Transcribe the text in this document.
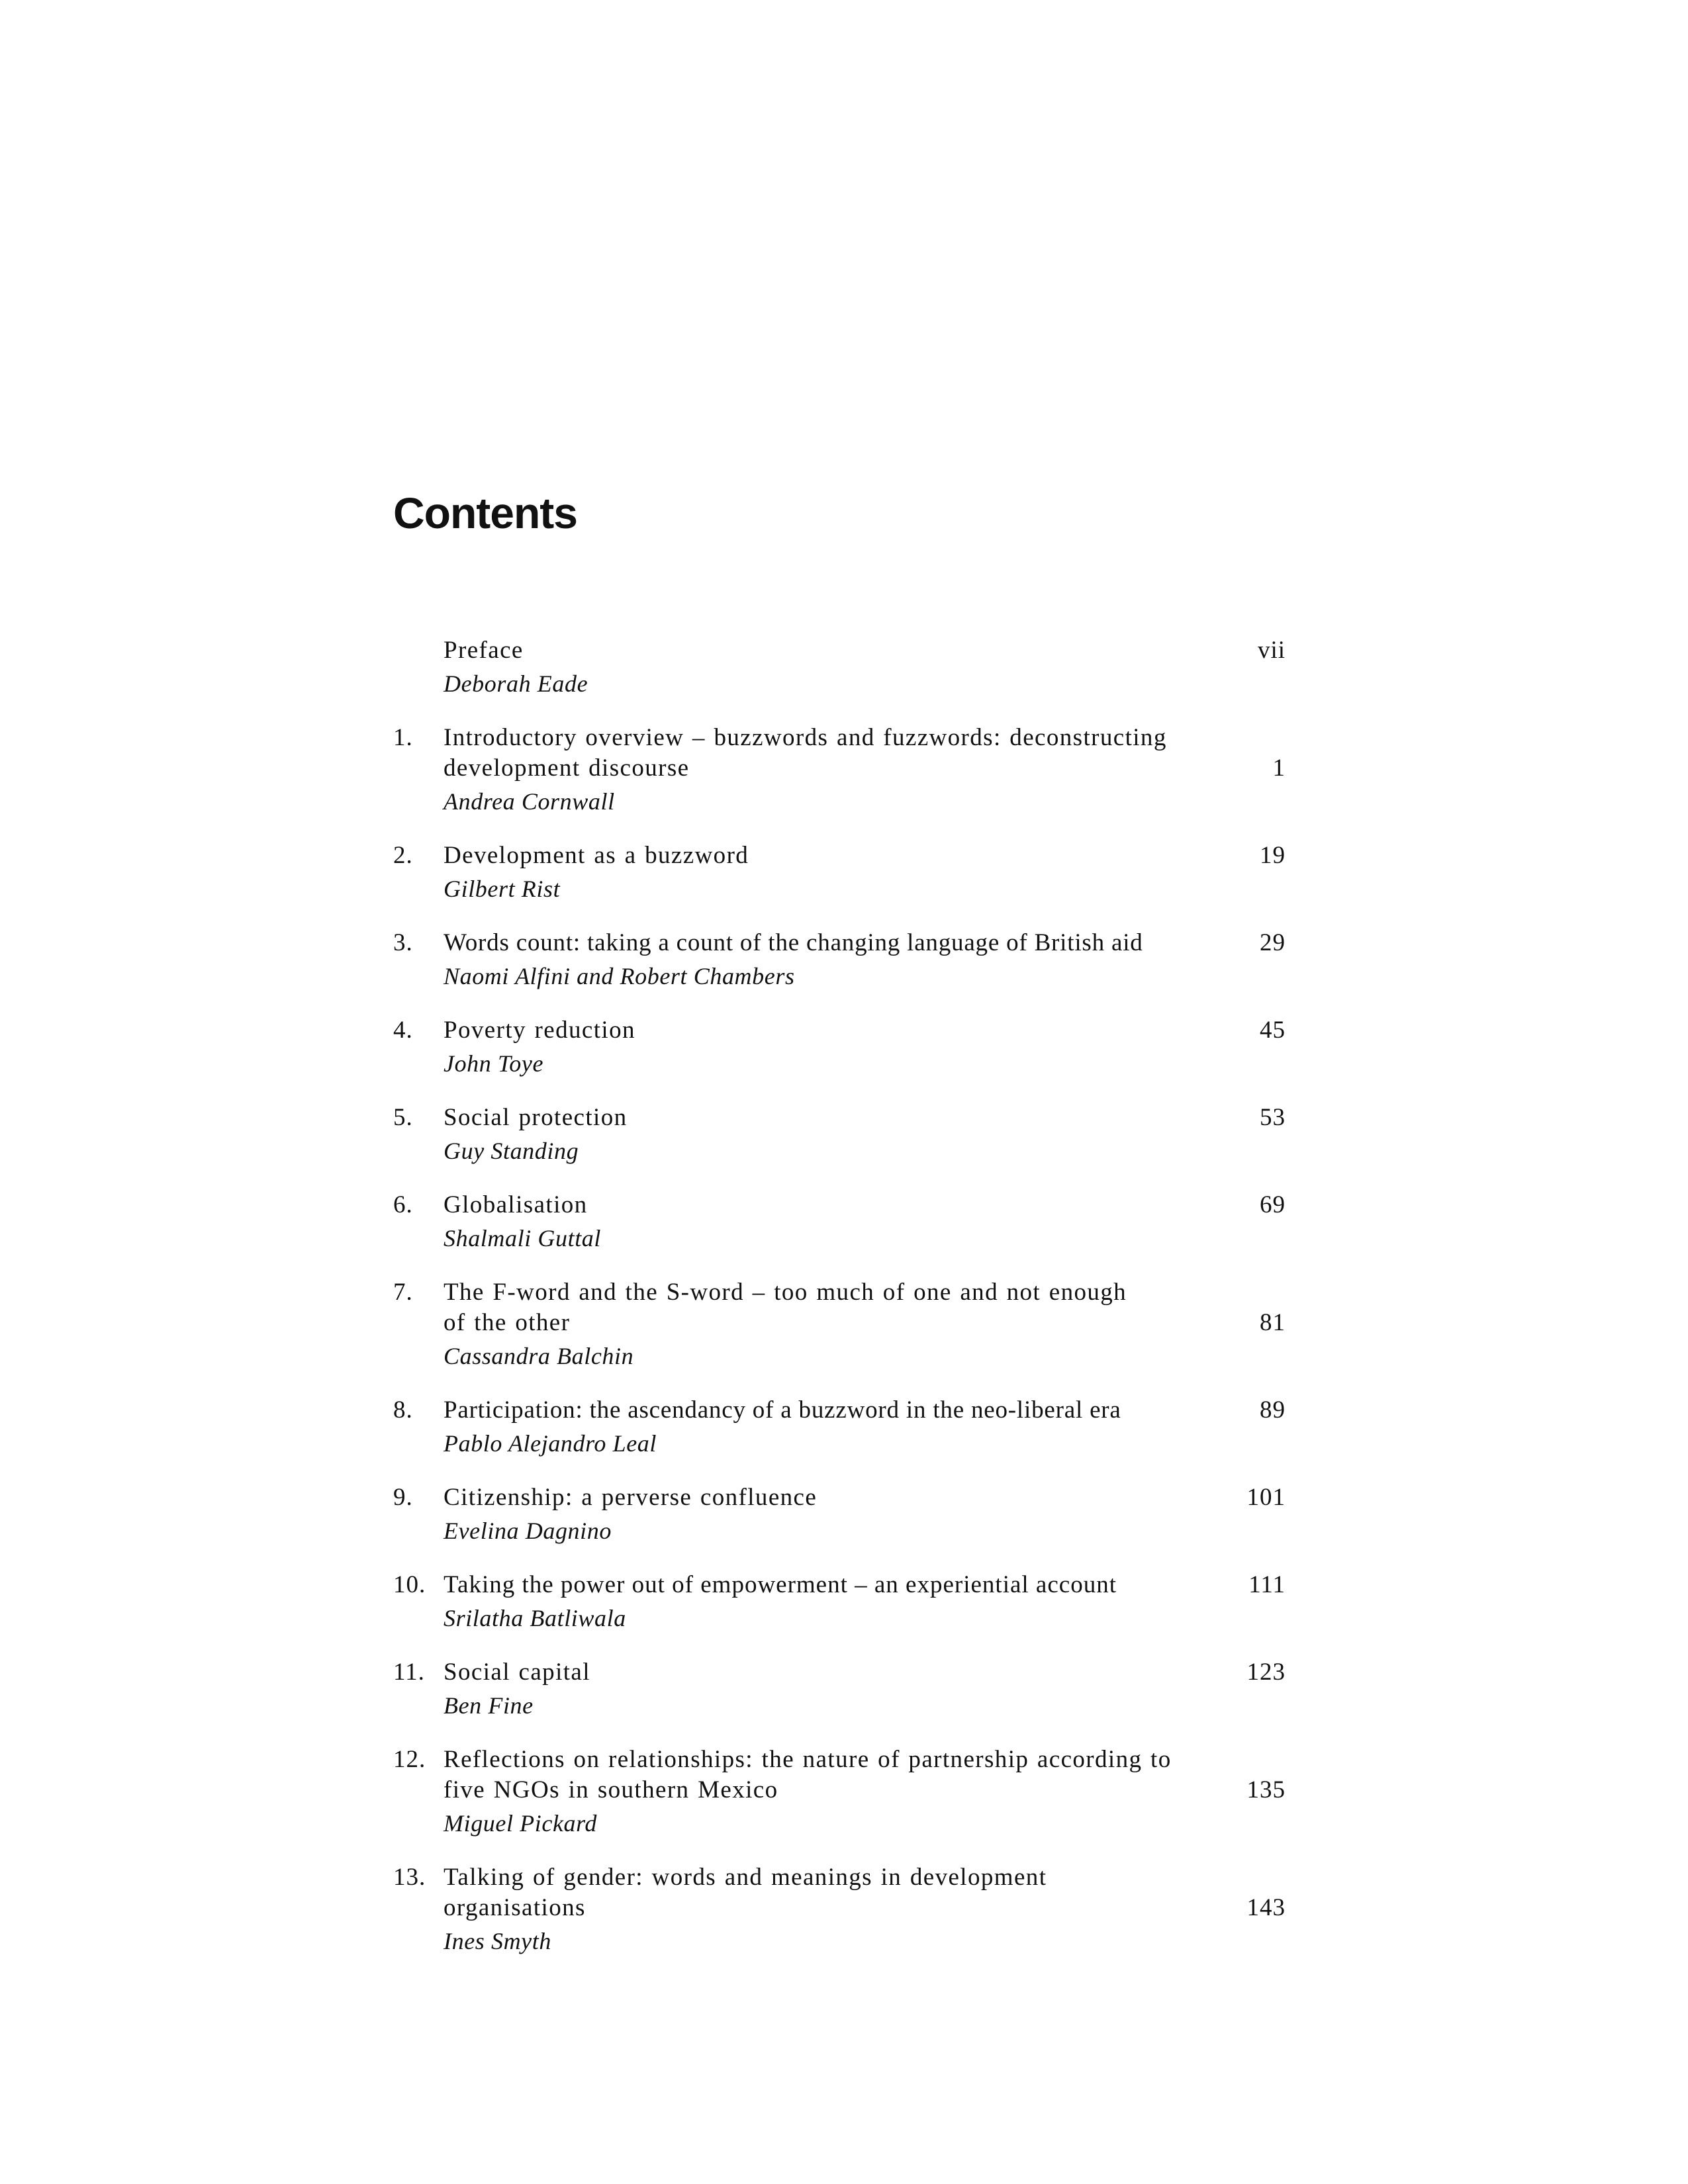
Contents
Preface
Deborah Eade
vii
1. Introductory overview – buzzwords and fuzzwords: deconstructing development discourse
Andrea Cornwall
1
2. Development as a buzzword
Gilbert Rist
19
3. Words count: taking a count of the changing language of British aid
Naomi Alfini and Robert Chambers
29
4. Poverty reduction
John Toye
45
5. Social protection
Guy Standing
53
6. Globalisation
Shalmali Guttal
69
7. The F-word and the S-word – too much of one and not enough of the other
Cassandra Balchin
81
8. Participation: the ascendancy of a buzzword in the neo-liberal era
Pablo Alejandro Leal
89
9. Citizenship: a perverse confluence
Evelina Dagnino
101
10. Taking the power out of empowerment – an experiential account
Srilatha Batliwala
111
11. Social capital
Ben Fine
123
12. Reflections on relationships: the nature of partnership according to five NGOs in southern Mexico
Miguel Pickard
135
13. Talking of gender: words and meanings in development organisations
Ines Smyth
143
